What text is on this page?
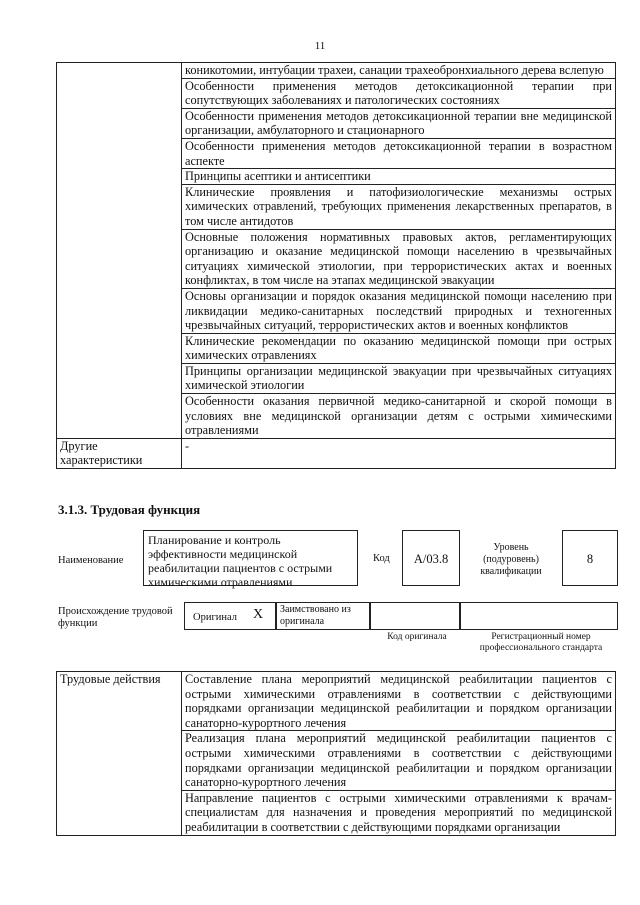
11
	коникотомии, интубации трахеи, санации трахеобронхиального дерева вслепую
	Особенности применения методов детоксикационной терапии при сопутствующих заболеваниях и патологических состояниях
	Особенности применения методов детоксикационной терапии вне медицинской организации, амбулаторного и стационарного
	Особенности применения методов детоксикационной терапии в возрастном аспекте
	Принципы асептики и антисептики
	Клинические проявления и патофизиологические механизмы острых химических отравлений, требующих применения лекарственных препаратов, в том числе антидотов
	Основные положения нормативных правовых актов, регламентирующих организацию и оказание медицинской помощи населению в чрезвычайных ситуациях химической этиологии, при террористических актах и военных конфликтах, в том числе на этапах медицинской эвакуации
	Основы организации и порядок оказания медицинской помощи населению при ликвидации медико-санитарных последствий природных и техногенных чрезвычайных ситуаций, террористических актов и военных конфликтов
	Клинические рекомендации по оказанию медицинской помощи при острых химических отравлениях
	Принципы организации медицинской эвакуации при чрезвычайных ситуациях химической этиологии
	Особенности оказания первичной медико-санитарной и скорой помощи в условиях вне медицинской организации детям с острыми химическими отравлениями
Другие характеристики	-
3.1.3. Трудовая функция
Наименование
Планирование и контроль эффективности медицинской реабилитации пациентов с острыми химическими отравлениями
Код	А/03.8
Уровень (подуровень) квалификации
8
Происхождение трудовой функции
Оригинал Х	Заимствовано из оригинала
Код оригинала	Регистрационный номер профессионального стандарта
Трудовые действия	Составление плана мероприятий медицинской реабилитации пациентов с острыми химическими отравлениями в соответствии с действующими порядками организации медицинской реабилитации и порядком организации санаторно-курортного лечения
Реализация плана мероприятий медицинской реабилитации пациентов с острыми химическими отравлениями в соответствии с действующими порядками организации медицинской реабилитации и порядком организации санаторно-курортного лечения
Направление пациентов с острыми химическими отравлениями к врачам-специалистам для назначения и проведения мероприятий по медицинской реабилитации в соответствии с действующими порядками организации
